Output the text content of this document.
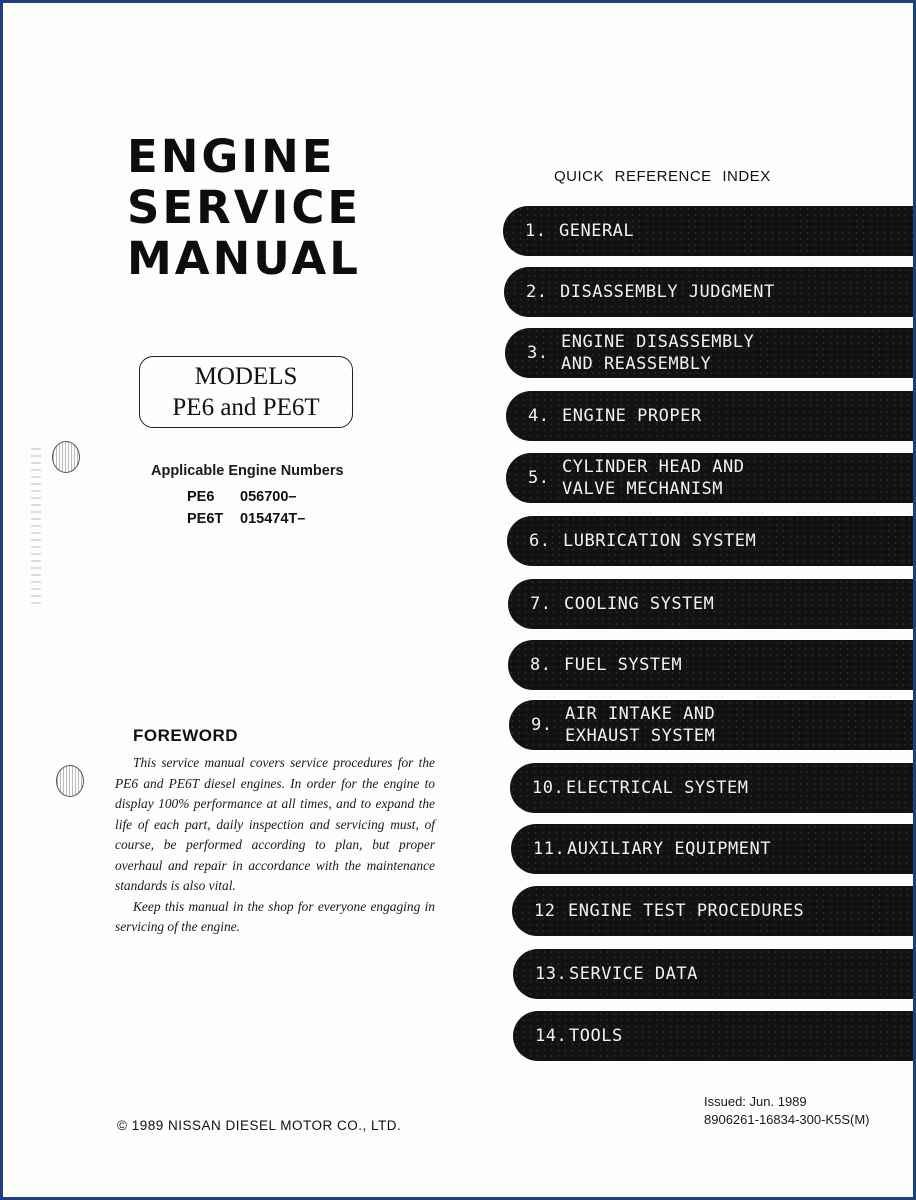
ENGINE
SERVICE
MANUAL
MODELS
PE6 and PE6T
Applicable Engine Numbers
PE6	056700–
PE6T	015474T–
FOREWORD

This service manual covers service procedures for the PE6 and PE6T diesel engines. In order for the engine to display 100% performance at all times, and to expand the life of each part, daily inspection and servicing must, of course, be performed according to plan, but proper overhaul and repair in accordance with the maintenance standards is also vital.

Keep this manual in the shop for everyone engaging in servicing of the engine.

© 1989 NISSAN DIESEL MOTOR CO., LTD.
QUICK REFERENCE INDEX
1. GENERAL
2. DISASSEMBLY JUDGMENT
3.
ENGINE DISASSEMBLY
AND REASSEMBLY
4. ENGINE PROPER
5.
CYLINDER HEAD AND
VALVE MECHANISM
6. LUBRICATION SYSTEM
7. COOLING SYSTEM
8. FUEL SYSTEM
9.
AIR INTAKE AND
EXHAUST SYSTEM
10. ELECTRICAL SYSTEM
11. AUXILIARY EQUIPMENT
12 ENGINE TEST PROCEDURES
13. SERVICE DATA
14. TOOLS
Issued: Jun. 1989
8906261-16834-300-K5S(M)
